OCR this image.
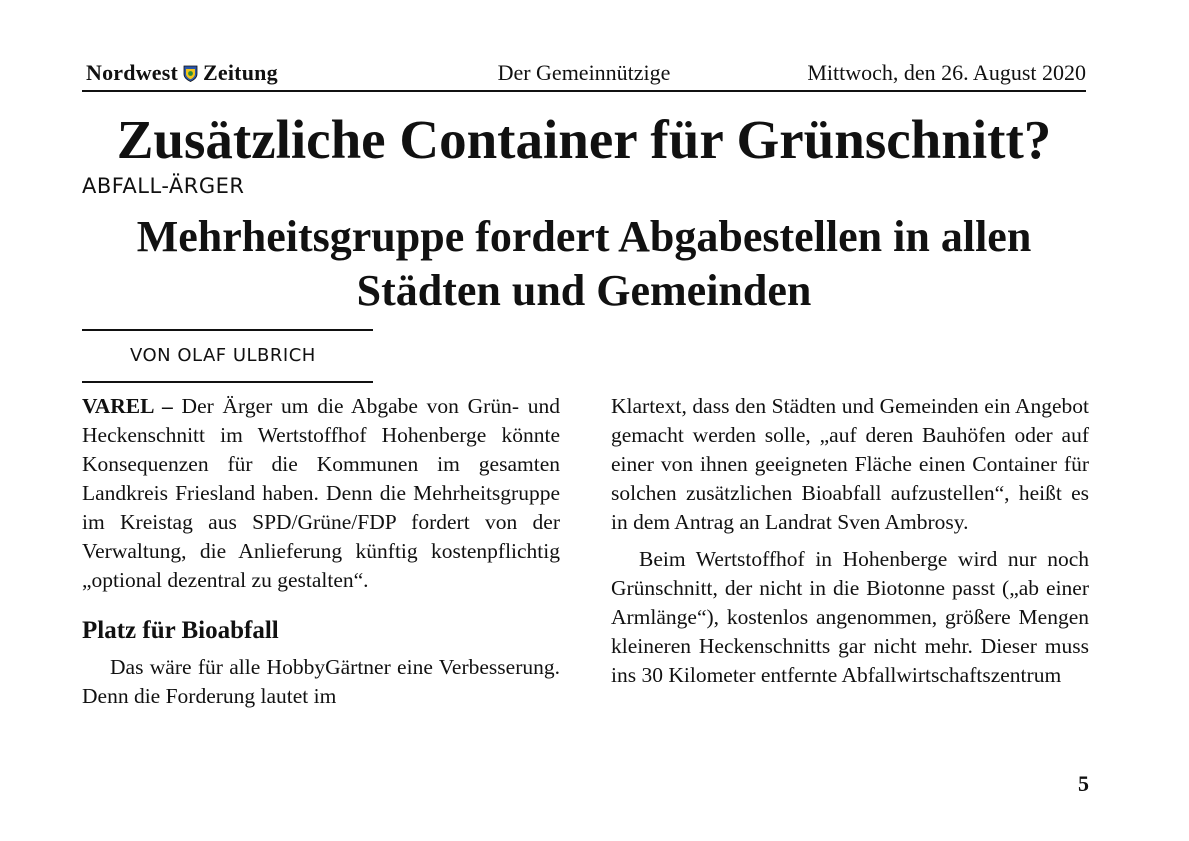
Nordwest Zeitung	Der Gemeinnützige	Mittwoch, den 26. August 2020
Zusätzliche Container für Grünschnitt?
ABFALL-ÄRGER
Mehrheitsgruppe fordert Abgabestellen in allen Städten und Gemeinden
VON OLAF ULBRICH

VAREL – Der Ärger um die Abgabe von Grün- und Heckenschnitt im Wertstoffhof Hohenberge könnte Konsequenzen für die Kommunen im gesamten Landkreis Friesland haben. Denn die Mehrheitsgruppe im Kreistag aus SPD/Grüne/FDP fordert von der Verwaltung, die Anlieferung künftig kostenpflichtig „optional dezentral zu gestalten“.

Platz für Bioabfall

Das wäre für alle HobbyGärtner eine Verbesserung. Denn die Forderung lautet im

Klartext, dass den Städten und Gemeinden ein Angebot gemacht werden solle, „auf deren Bauhöfen oder auf einer von ihnen geeigneten Fläche einen Container für solchen zusätzlichen Bioabfall aufzustellen“, heißt es in dem Antrag an Landrat Sven Ambrosy.

Beim Wertstoffhof in Hohenberge wird nur noch Grünschnitt, der nicht in die Biotonne passt („ab einer Armlänge“), kostenlos angenommen, größere Mengen kleineren Heckenschnitts gar nicht mehr. Dieser muss ins 30 Kilometer entfernte Abfallwirtschaftszentrum

5
